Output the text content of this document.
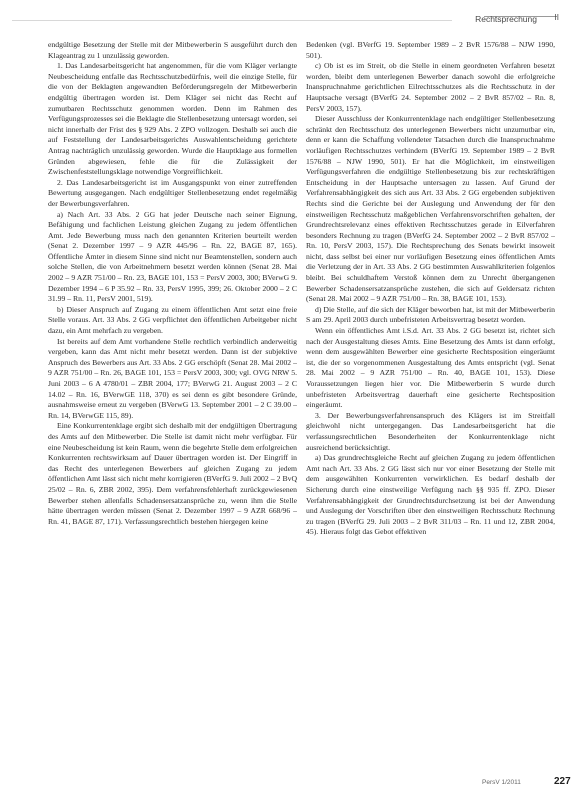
Rechtsprechung II

endgültige Besetzung der Stelle mit der Mitbewerberin S ausgeführt durch den Klageantrag zu 1 unzulässig geworden.

1. Das Landesarbeitsgericht hat angenommen, für die vom Kläger verlangte Neubescheidung entfalle das Rechtsschutzbedürfnis, weil die einzige Stelle, für die von der Beklagten angewandten Beförderungsregeln der Mitbewerberin endgültig übertragen worden ist. Dem Kläger sei nicht das Recht auf zumutbaren Rechtsschutz genommen worden. Denn im Rahmen des Verfügungsprozesses sei die Beklagte die Stellenbesetzung untersagt worden, sei nicht innerhalb der Frist des § 929 Abs. 2 ZPO vollzogen. Deshalb sei auch die auf Feststellung der Landesarbeitsgerichts Auswahlentscheidung gerichtete Antrag nachträglich unzulässig geworden. Wurde die Hauptklage aus formellen Gründen abgewiesen, fehle die für die Zulässigkeit der Zwischenfeststellungsklage notwendige Vorgreiflichkeit.

2. Das Landesarbeitsgericht ist im Ausgangspunkt von einer zutreffenden Bewertung ausgegangen. Nach endgültiger Stellenbesetzung endet regelmäßig der Bewerbungsverfahren.

a) Nach Art. 33 Abs. 2 GG hat jeder Deutsche nach seiner Eignung, Befähigung und fachlichen Leistung gleichen Zugang zu jedem öffentlichen Amt. Jede Bewerbung muss nach den genannten Kriterien beurteilt werden (Senat 2. Dezember 1997 – 9 AZR 445/96 – Rn. 22, BAGE 87, 165). Öffentliche Ämter in diesem Sinne sind nicht nur Beamtenstellen, sondern auch solche Stellen, die von Arbeitnehmern besetzt werden können (Senat 28. Mai 2002 – 9 AZR 751/00 – Rn. 23, BAGE 101, 153 = PersV 2003, 300; BVerwG 9. Dezember 1994 – 6 P 35.92 – Rn. 33, PersV 1995, 399; 26. Oktober 2000 – 2 C 31.99 – Rn. 11, PersV 2001, 519).

b) Dieser Anspruch auf Zugang zu einem öffentlichen Amt setzt eine freie Stelle voraus. Art. 33 Abs. 2 GG verpflichtet den öffentlichen Arbeitgeber nicht dazu, ein Amt mehrfach zu vergeben.

Ist bereits auf dem Amt vorhandene Stelle rechtlich verbindlich anderweitig vergeben, kann das Amt nicht mehr besetzt werden. Dann ist der subjektive Anspruch des Bewerbers aus Art. 33 Abs. 2 GG erschöpft (Senat 28. Mai 2002 – 9 AZR 751/00 – Rn. 26, BAGE 101, 153 = PersV 2003, 300; vgl. OVG NRW 5. Juni 2003 – 6 A 4780/01 – ZBR 2004, 177; BVerwG 21. August 2003 – 2 C 14.02 – Rn. 16, BVerwGE 118, 370) es sei denn es gibt besondere Gründe, ausnahmsweise erneut zu vergeben (BVerwG 13. September 2001 – 2 C 39.00 – Rn. 14, BVerwGE 115, 89).

Eine Konkurrentenklage ergibt sich deshalb mit der endgültigen Übertragung des Amts auf den Mitbewerber. Die Stelle ist damit nicht mehr verfügbar. Für eine Neubescheidung ist kein Raum, wenn die begehrte Stelle dem erfolgreichen Konkurrenten rechtswirksam auf Dauer übertragen worden ist. Der Eingriff in das Recht des unterlegenen Bewerbers auf gleichen Zugang zu jedem öffentlichen Amt lässt sich nicht mehr korrigieren (BVerfG 9. Juli 2002 – 2 BvQ 25/02 – Rn. 6, ZBR 2002, 395). Dem verfahrensfehlerhaft zurückgewiesenen Bewerber stehen allenfalls Schadensersatzansprüche zu, wenn ihm die Stelle hätte übertragen werden müssen (Senat 2. Dezember 1997 – 9 AZR 668/96 – Rn. 41, BAGE 87, 171). Verfassungsrechtlich bestehen hiergegen keine

Bedenken (vgl. BVerfG 19. September 1989 – 2 BvR 1576/88 – NJW 1990, 501).

c) Ob ist es im Streit, ob die Stelle in einem geordneten Verfahren besetzt worden, bleibt dem unterlegenen Bewerber danach sowohl die erfolgreiche Inanspruchnahme gerichtlichen Eilrechtsschutzes als die Rechtsschutz in der Hauptsache versagt (BVerfG 24. September 2002 – 2 BvR 857/02 – Rn. 8, PersV 2003, 157).

Dieser Ausschluss der Konkurrentenklage nach endgültiger Stellenbesetzung schränkt den Rechtsschutz des unterlegenen Bewerbers nicht unzumutbar ein, denn er kann die Schaffung vollendeter Tatsachen durch die Inanspruchnahme vorläufigen Rechtsschutzes verhindern (BVerfG 19. September 1989 – 2 BvR 1576/88 – NJW 1990, 501). Er hat die Möglichkeit, im einstweiligen Verfügungsverfahren die endgültige Stellenbesetzung bis zur rechtskräftigen Entscheidung in der Hauptsache untersagen zu lassen. Auf Grund der Verfahrensabhängigkeit des sich aus Art. 33 Abs. 2 GG ergebenden subjektiven Rechts sind die Gerichte bei der Auslegung und Anwendung der für den einstweiligen Rechtsschutz maßgeblichen Verfahrensvorschriften gehalten, der Grundrechtsrelevanz eines effektiven Rechtsschutzes gerade in Eilverfahren besonders Rechnung zu tragen (BVerfG 24. September 2002 – 2 BvR 857/02 – Rn. 10, PersV 2003, 157). Die Rechtsprechung des Senats bewirkt insoweit nicht, dass selbst bei einer nur vorläufigen Besetzung eines öffentlichen Amts die Verletzung der in Art. 33 Abs. 2 GG bestimmten Auswahlkriterien folgenlos bleibt. Bei schuldhaftem Verstoß können dem zu Unrecht übergangenen Bewerber Schadensersatzansprüche zustehen, die sich auf Geldersatz richten (Senat 28. Mai 2002 – 9 AZR 751/00 – Rn. 38, BAGE 101, 153).

d) Die Stelle, auf die sich der Kläger beworben hat, ist mit der Mitbewerberin S am 29. April 2003 durch unbefristeten Arbeitsvertrag besetzt worden.

Wenn ein öffentliches Amt i.S.d. Art. 33 Abs. 2 GG besetzt ist, richtet sich nach der Ausgestaltung dieses Amts. Eine Besetzung des Amts ist dann erfolgt, wenn dem ausgewählten Bewerber eine gesicherte Rechtsposition eingeräumt ist, die der so vorgenommenen Ausgestaltung des Amts entspricht (vgl. Senat 28. Mai 2002 – 9 AZR 751/00 – Rn. 40, BAGE 101, 153). Diese Voraussetzungen liegen hier vor. Die Mitbewerberin S wurde durch unbefristeten Arbeitsvertrag dauerhaft eine gesicherte Rechtsposition eingeräumt.

3. Der Bewerbungsverfahrensanspruch des Klägers ist im Streitfall gleichwohl nicht untergegangen. Das Landesarbeitsgericht hat die verfassungsrechtlichen Besonderheiten der Konkurrentenklage nicht ausreichend berücksichtigt.

a) Das grundrechtsgleiche Recht auf gleichen Zugang zu jedem öffentlichen Amt nach Art. 33 Abs. 2 GG lässt sich nur vor einer Besetzung der Stelle mit dem ausgewählten Konkurrenten verwirklichen. Es bedarf deshalb der Sicherung durch eine einstweilige Verfügung nach §§ 935 ff. ZPO. Dieser Verfahrensabhängigkeit der Grundrechtsdurchsetzung ist bei der Anwendung und Auslegung der Vorschriften über den einstweiligen Rechtsschutz Rechnung zu tragen (BVerfG 29. Juli 2003 – 2 BvR 311/03 – Rn. 11 und 12, ZBR 2004, 45). Hieraus folgt das Gebot effektiven

PersV 1/2011	227
